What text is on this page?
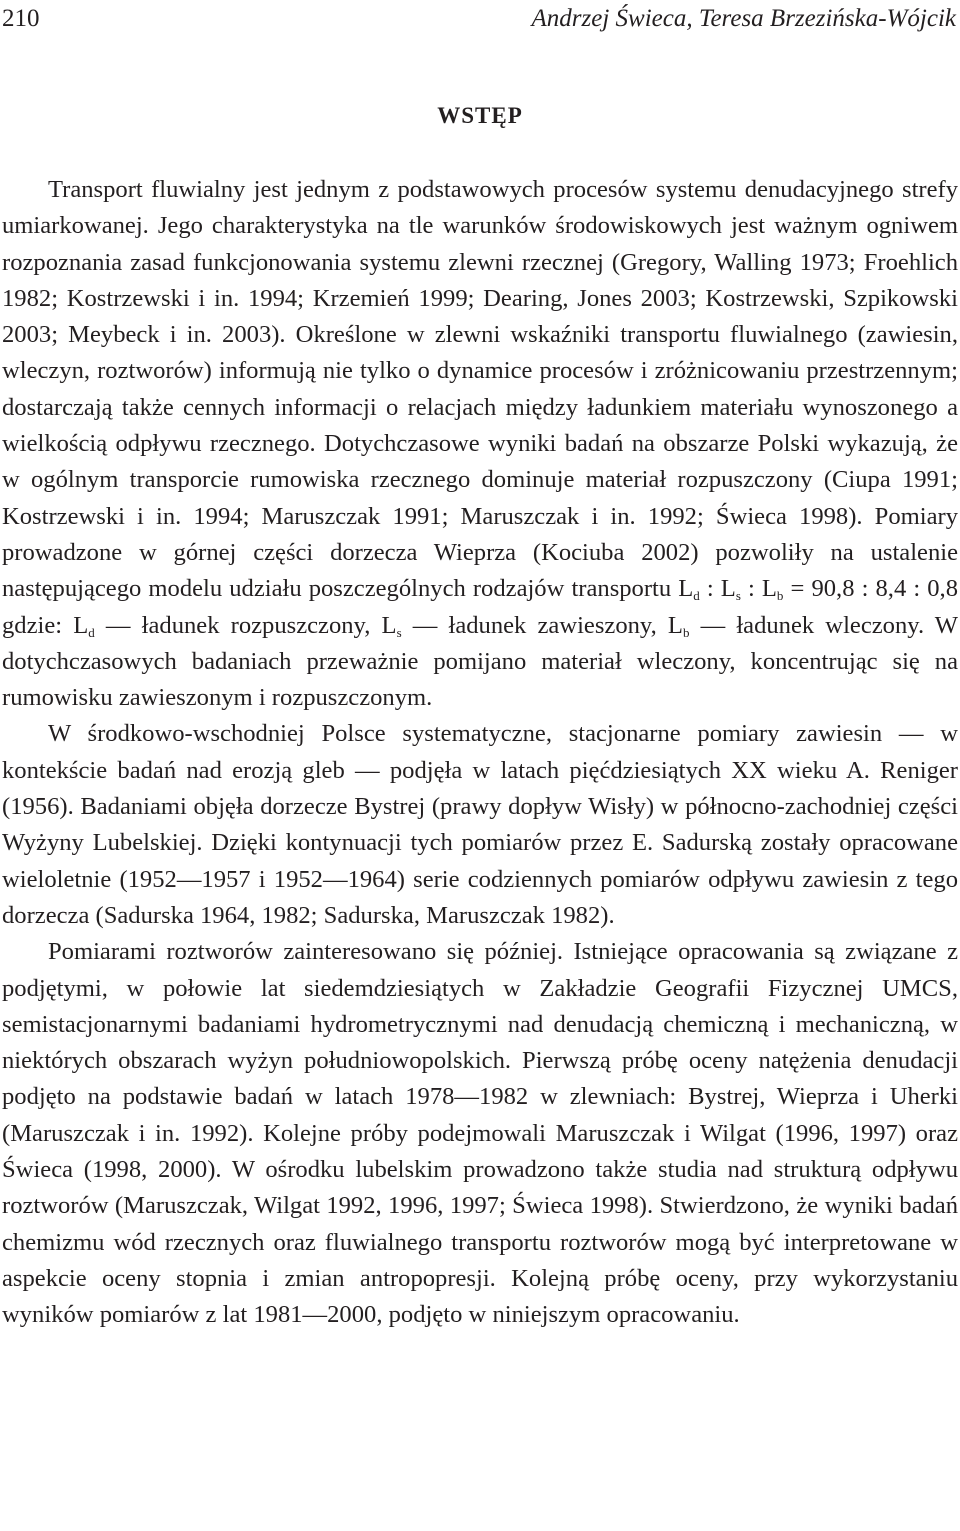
210	Andrzej Świeca, Teresa Brzezińska-Wójcik
WSTĘP

Transport fluwialny jest jednym z podstawowych procesów systemu denudacyjnego strefy umiarkowanej. Jego charakterystyka na tle warunków środowiskowych jest ważnym ogniwem rozpoznania zasad funkcjonowania systemu zlewni rzecznej (Gregory, Walling 1973; Froehlich 1982; Kostrzewski i in. 1994; Krzemień 1999; Dearing, Jones 2003; Kostrzewski, Szpikowski 2003; Meybeck i in. 2003). Określone w zlewni wskaźniki transportu fluwialnego (zawiesin, wleczyn, roztworów) informują nie tylko o dynamice procesów i zróżnicowaniu przestrzennym; dostarczają także cennych informacji o relacjach między ładunkiem materiału wynoszonego a wielkością odpływu rzecznego. Dotychczasowe wyniki badań na obszarze Polski wykazują, że w ogólnym transporcie rumowiska rzecznego dominuje materiał rozpuszczony (Ciupa 1991; Kostrzewski i in. 1994; Maruszczak 1991; Maruszczak i in. 1992; Świeca 1998). Pomiary prowadzone w górnej części dorzecza Wieprza (Kociuba 2002) pozwoliły na ustalenie następującego modelu udziału poszczególnych rodzajów transportu $L_d$ : $L_s$ : $L_b = 90,8$ : 8,4 : 0,8 gdzie: $L_d$ — ładunek rozpuszczony, $L_s$ — ładunek zawieszony, $L_b$ — ładunek wleczony. W dotychczasowych badaniach przeważnie pomijano materiał wleczony, koncentrując się na rumowisku zawieszonym i rozpuszczonym.

W środkowo-wschodniej Polsce systematyczne, stacjonarne pomiary zawiesin — w kontekście badań nad erozją gleb — podjęła w latach pięćdziesiątych XX wieku A. Reniger (1956). Badaniami objęła dorzecze Bystrej (prawy dopływ Wisły) w północno-zachodniej części Wyżyny Lubelskiej. Dzięki kontynuacji tych pomiarów przez E. Sadurską zostały opracowane wieloletnie (1952—1957 i 1952—1964) serie codziennych pomiarów odpływu zawiesin z tego dorzecza (Sadurska 1964, 1982; Sadurska, Maruszczak 1982).

Pomiarami roztworów zainteresowano się później. Istniejące opracowania są związane z podjętymi, w połowie lat siedemdziesiątych w Zakładzie Geografii Fizycznej UMCS, semistacjonarnymi badaniami hydrometrycznymi nad denudacją chemiczną i mechaniczną, w niektórych obszarach wyżyn południowopolskich. Pierwszą próbę oceny natężenia denudacji podjęto na podstawie badań w latach 1978—1982 w zlewniach: Bystrej, Wieprza i Uherki (Maruszczak i in. 1992). Kolejne próby podejmowali Maruszczak i Wilgat (1996, 1997) oraz Świeca (1998, 2000). W ośrodku lubelskim prowadzono także studia nad strukturą odpływu roztworów (Maruszczak, Wilgat 1992, 1996, 1997; Świeca 1998). Stwierdzono, że wyniki badań chemizmu wód rzecznych oraz fluwialnego transportu roztworów mogą być interpretowane w aspekcie oceny stopnia i zmian antropopresji. Kolejną próbę oceny, przy wykorzystaniu wyników pomiarów z lat 1981—2000, podjęto w niniejszym opracowaniu.
